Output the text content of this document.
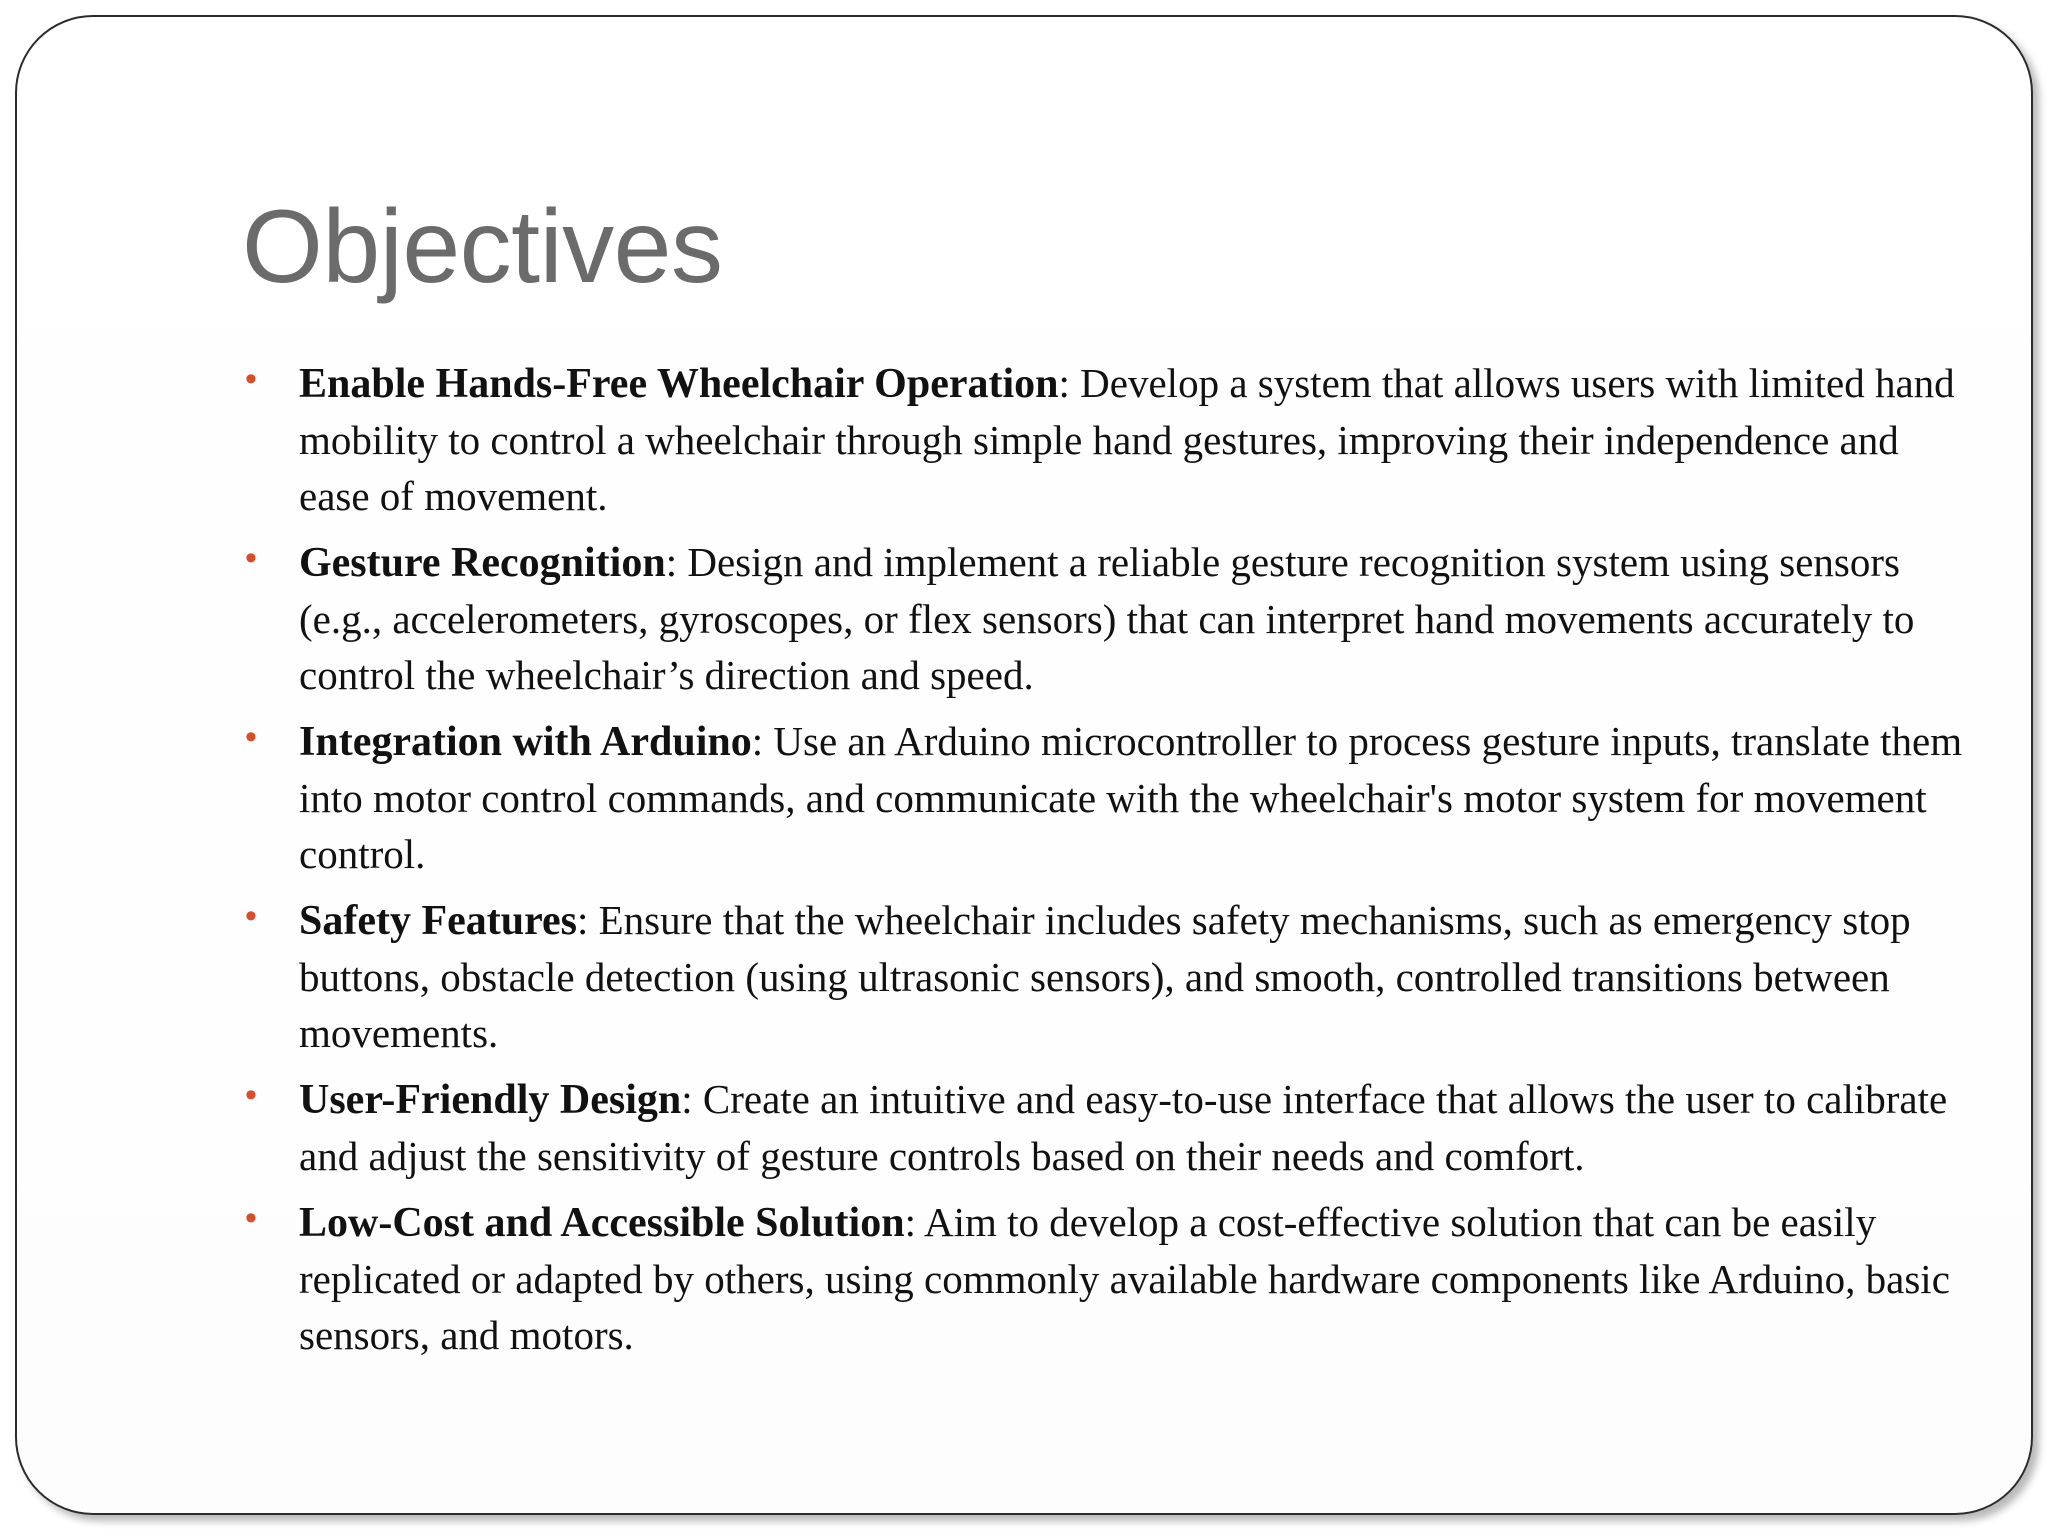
Objectives
• Enable Hands-Free Wheelchair Operation: Develop a system that allows users with limited hand mobility to control a wheelchair through simple hand gestures, improving their independence and ease of movement.
• Gesture Recognition: Design and implement a reliable gesture recognition system using sensors (e.g., accelerometers, gyroscopes, or flex sensors) that can interpret hand movements accurately to control the wheelchair’s direction and speed.
• Integration with Arduino: Use an Arduino microcontroller to process gesture inputs, translate them into motor control commands, and communicate with the wheelchair's motor system for movement control.
• Safety Features: Ensure that the wheelchair includes safety mechanisms, such as emergency stop buttons, obstacle detection (using ultrasonic sensors), and smooth, controlled transitions between movements.
• User-Friendly Design: Create an intuitive and easy-to-use interface that allows the user to calibrate and adjust the sensitivity of gesture controls based on their needs and comfort.
• Low-Cost and Accessible Solution: Aim to develop a cost-effective solution that can be easily replicated or adapted by others, using commonly available hardware components like Arduino, basic sensors, and motors.
